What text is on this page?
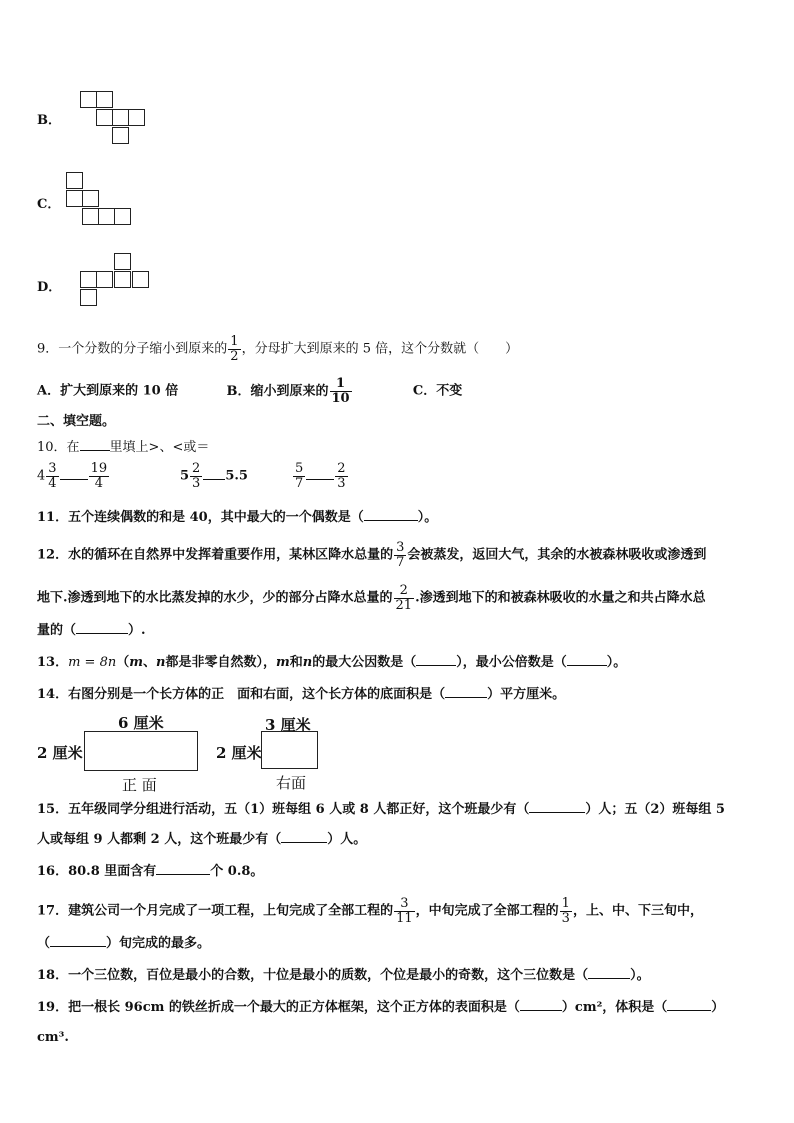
B．
C．
D．
9．一个分数的分子缩小到原来的 $\frac{1}{2}$ ，分母扩大到原来的 5 倍，这个分数就（　　）
A．扩大到原来的 10 倍	B．缩小到原来的 $\frac{1}{10}$	C．不变
二、填空题。
10．在 里填上>、<或＝
$4 \frac{3}{4} \frac{19}{4}$	$5 \frac{2}{3} 5.5$	$\frac{5}{7} \frac{2}{3}$
11．五个连续偶数的和是 40，其中最大的一个偶数是（	）。
12．水的循环在自然界中发挥着重要作用，某林区降水总量的 $\frac{3}{7}$ 会被蒸发，返回大气，其余的水被森林吸收或渗透到
地下.渗透到地下的水比蒸发掉的水少，少的部分占降水总量的 $\frac{2}{21}$ .渗透到地下的和被森林吸收的水量之和共占降水总
量的（	）.
13．m = 8n（m、n都是非零自然数），m和n的最大公因数是（	），最小公倍数是（	）。
14．右图分别是一个长方体的正　面和右面，这个长方体的底面积是（	）平方厘米。
6 厘米
2 厘米
正 面
3 厘米
2 厘米
右面
15．五年级同学分组进行活动，五（1）班每组 6 人或 8 人都正好，这个班最少有（	）人；五（2）班每组 5
人或每组 9 人都剩 2 人，这个班最少有（	）人。
16．80.8 里面含有	个 0.8。
17．建筑公司一个月完成了一项工程，上旬完成了全部工程的 $\frac{3}{11}$ ，中旬完成了全部工程的 $\frac{1}{3}$ ，上、中、下三旬中，
（	）旬完成的最多。
18．一个三位数，百位是最小的合数，十位是最小的质数，个位是最小的奇数，这个三位数是（	）。
19．把一根长 96cm 的铁丝折成一个最大的正方体框架，这个正方体的表面积是（	）cm²，体积是（	）
cm³.
